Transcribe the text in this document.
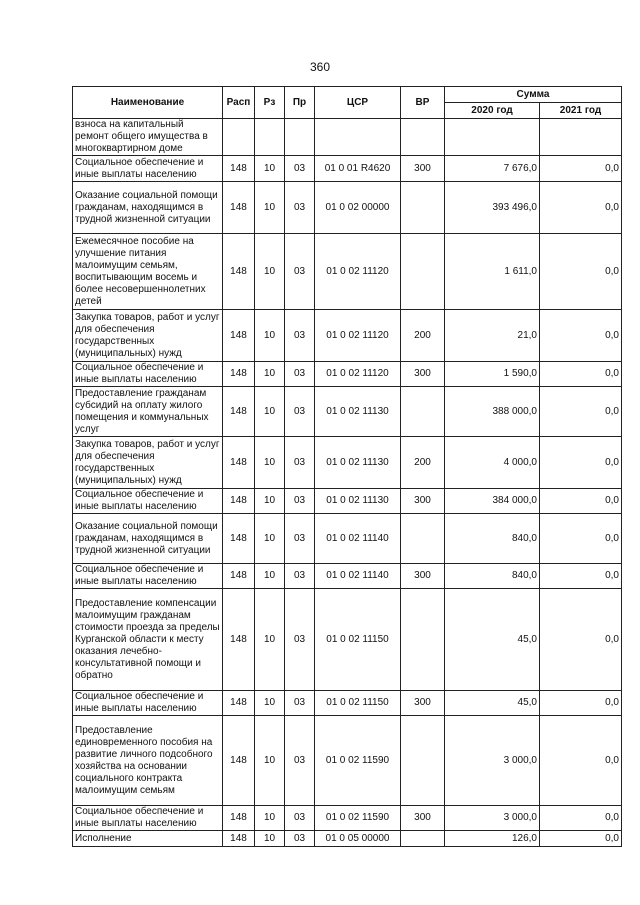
360
Наименование	Расп	Рз	Пр	ЦСР	ВР	Сумма	
						2020 год	2021 год
взноса на капитальный ремонт общего имущества в многоквартирном доме							
Социальное обеспечение и иные выплаты населению	148	10	03	01 0 01 R4620	300	7 676,0	0,0
Оказание социальной помощи гражданам, находящимся в трудной жизненной ситуации	148	10	03	01 0 02 00000		393 496,0	0,0
Ежемесячное пособие на улучшение питания малоимущим семьям, воспитывающим восемь и более несовершеннолетних детей	148	10	03	01 0 02 11120		1 611,0	0,0
Закупка товаров, работ и услуг для обеспечения государственных (муниципальных) нужд	148	10	03	01 0 02 11120	200	21,0	0,0
Социальное обеспечение и иные выплаты населению	148	10	03	01 0 02 11120	300	1 590,0	0,0
Предоставление гражданам субсидий на оплату жилого помещения и коммунальных услуг	148	10	03	01 0 02 11130		388 000,0	0,0
Закупка товаров, работ и услуг для обеспечения государственных (муниципальных) нужд	148	10	03	01 0 02 11130	200	4 000,0	0,0
Социальное обеспечение и иные выплаты населению	148	10	03	01 0 02 11130	300	384 000,0	0,0
Оказание социальной помощи гражданам, находящимся в трудной жизненной ситуации	148	10	03	01 0 02 11140		840,0	0,0
Социальное обеспечение и иные выплаты населению	148	10	03	01 0 02 11140	300	840,0	0,0
Предоставление компенсации малоимущим гражданам стоимости проезда за пределы Курганской области к месту оказания лечебно-консультативной помощи и обратно	148	10	03	01 0 02 11150		45,0	0,0
Социальное обеспечение и иные выплаты населению	148	10	03	01 0 02 11150	300	45,0	0,0
Предоставление единовременного пособия на развитие личного подсобного хозяйства на основании социального контракта малоимущим семьям	148	10	03	01 0 02 11590		3 000,0	0,0
Социальное обеспечение и иные выплаты населению	148	10	03	01 0 02 11590	300	3 000,0	0,0
Исполнение	148	10	03	01 0 05 00000		126,0	0,0
